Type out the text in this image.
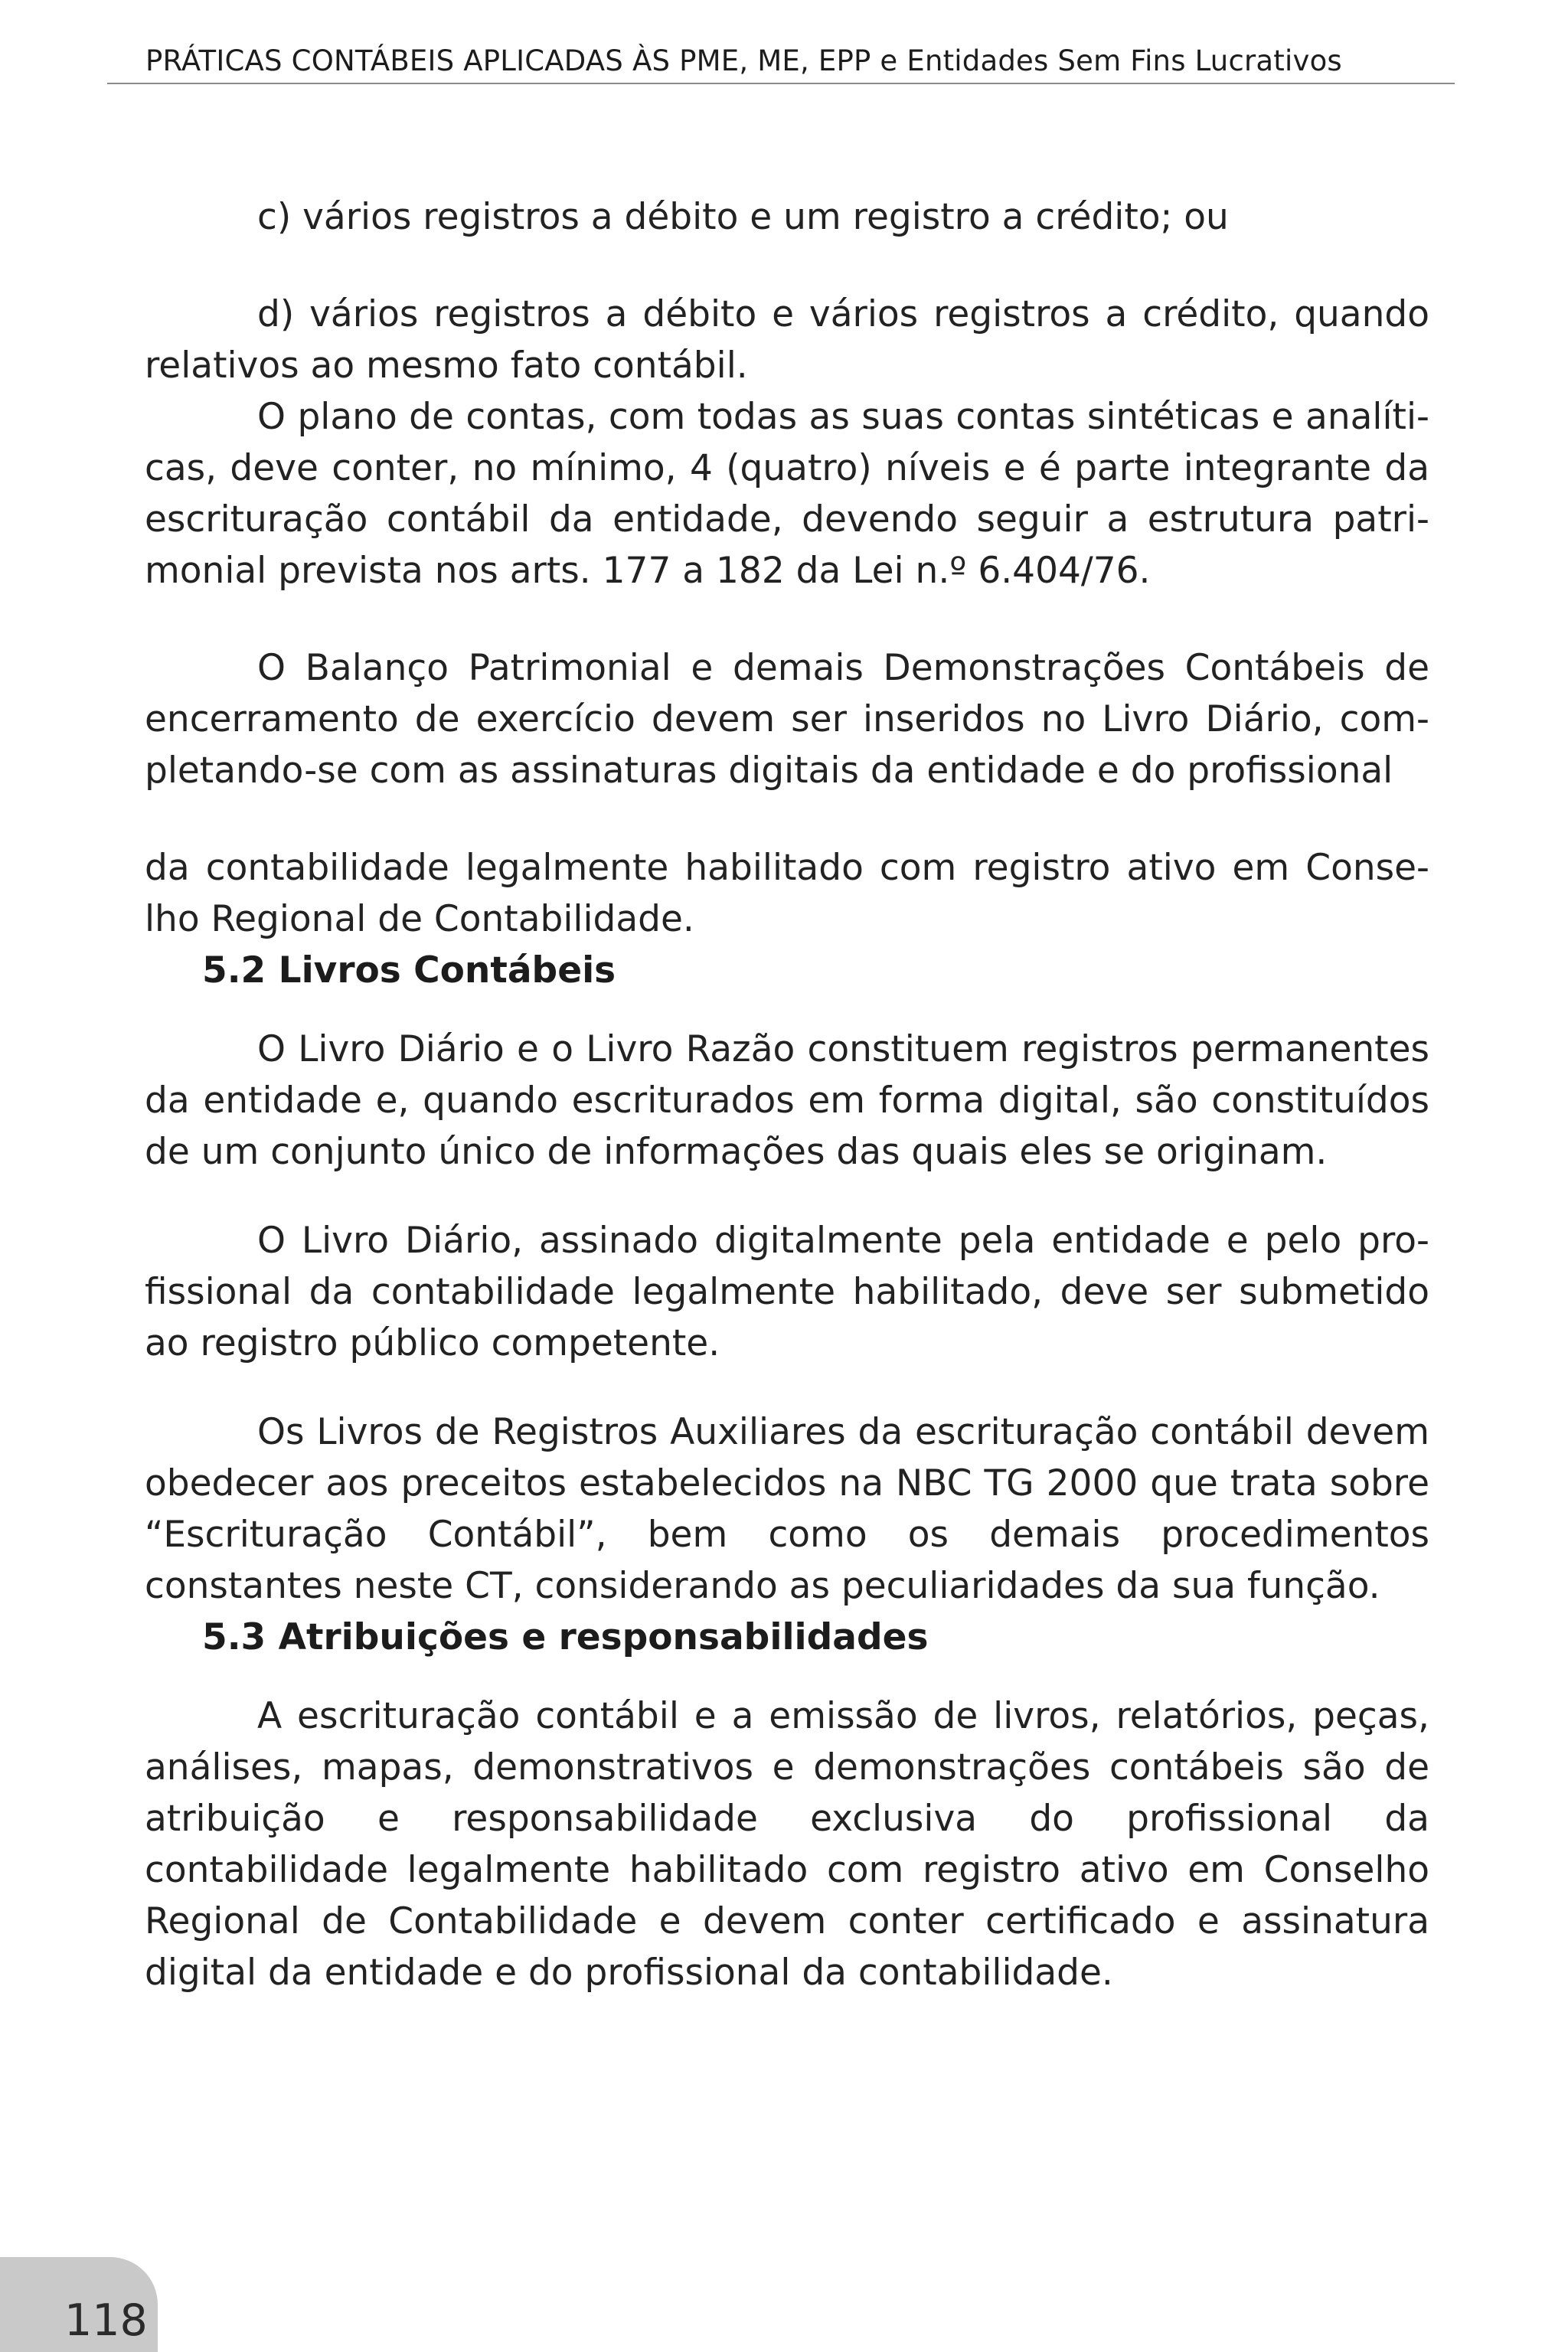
PRÁTICAS CONTÁBEIS APLICADAS ÀS PME, ME, EPP e Entidades Sem Fins Lucrativos

c) vários registros a débito e um registro a crédito; ou

d) vários registros a débito e vários registros a crédito, quando relativos ao mesmo fato contábil.

O plano de contas, com todas as suas contas sintéticas e analíticas, deve conter, no mínimo, 4 (quatro) níveis e é parte integrante da escrituração contábil da entidade, devendo seguir a estrutura patrimonial prevista nos arts. 177 a 182 da Lei n.º 6.404/76.

O Balanço Patrimonial e demais Demonstrações Contábeis de encerramento de exercício devem ser inseridos no Livro Diário, completando-se com as assinaturas digitais da entidade e do profissional

da contabilidade legalmente habilitado com registro ativo em Conselho Regional de Contabilidade.

5.2 Livros Contábeis

O Livro Diário e o Livro Razão constituem registros permanentes da entidade e, quando escriturados em forma digital, são constituídos de um conjunto único de informações das quais eles se originam.

O Livro Diário, assinado digitalmente pela entidade e pelo profissional da contabilidade legalmente habilitado, deve ser submetido ao registro público competente.

Os Livros de Registros Auxiliares da escrituração contábil devem obedecer aos preceitos estabelecidos na NBC TG 2000 que trata sobre “Escrituração Contábil”, bem como os demais procedimentos constantes neste CT, considerando as peculiaridades da sua função.

5.3 Atribuições e responsabilidades

A escrituração contábil e a emissão de livros, relatórios, peças, análises, mapas, demonstrativos e demonstrações contábeis são de atribuição e responsabilidade exclusiva do profissional da contabilidade legalmente habilitado com registro ativo em Conselho Regional de Contabilidade e devem conter certificado e assinatura digital da entidade e do profissional da contabilidade.

118
